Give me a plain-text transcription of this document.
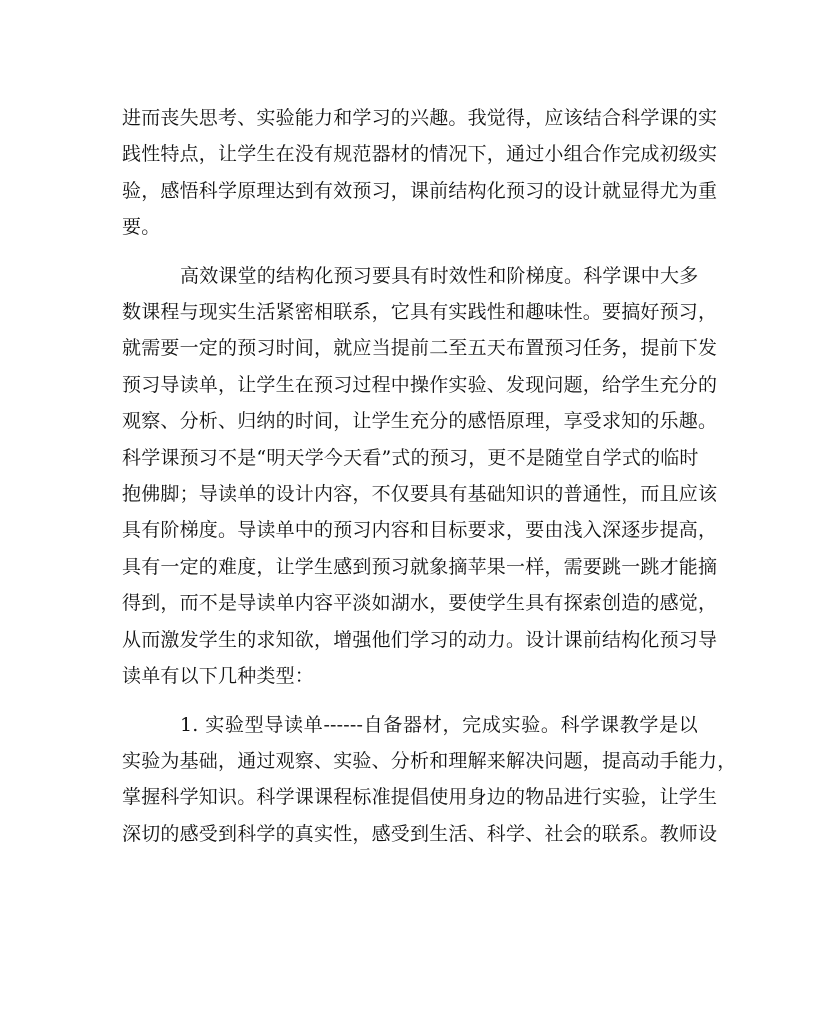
进而丧失思考、实验能力和学习的兴趣。我觉得，应该结合科学课的实
践性特点，让学生在没有规范器材的情况下，通过小组合作完成初级实
验，感悟科学原理达到有效预习，课前结构化预习的设计就显得尤为重
要。
高效课堂的结构化预习要具有时效性和阶梯度。科学课中大多
数课程与现实生活紧密相联系，它具有实践性和趣味性。要搞好预习，
就需要一定的预习时间，就应当提前二至五天布置预习任务，提前下发
预习导读单，让学生在预习过程中操作实验、发现问题，给学生充分的
观察、分析、归纳的时间，让学生充分的感悟原理，享受求知的乐趣。
科学课预习不是“明天学今天看”式的预习，更不是随堂自学式的临时
抱佛脚；导读单的设计内容，不仅要具有基础知识的普通性，而且应该
具有阶梯度。导读单中的预习内容和目标要求，要由浅入深逐步提高，
具有一定的难度，让学生感到预习就象摘苹果一样，需要跳一跳才能摘
得到，而不是导读单内容平淡如湖水，要使学生具有探索创造的感觉，
从而激发学生的求知欲，增强他们学习的动力。设计课前结构化预习导
读单有以下几种类型：
1. 实验型导读单------自备器材，完成实验。科学课教学是以
实验为基础，通过观察、实验、分析和理解来解决问题，提高动手能力，
掌握科学知识。科学课课程标准提倡使用身边的物品进行实验，让学生
深切的感受到科学的真实性，感受到生活、科学、社会的联系。教师设
